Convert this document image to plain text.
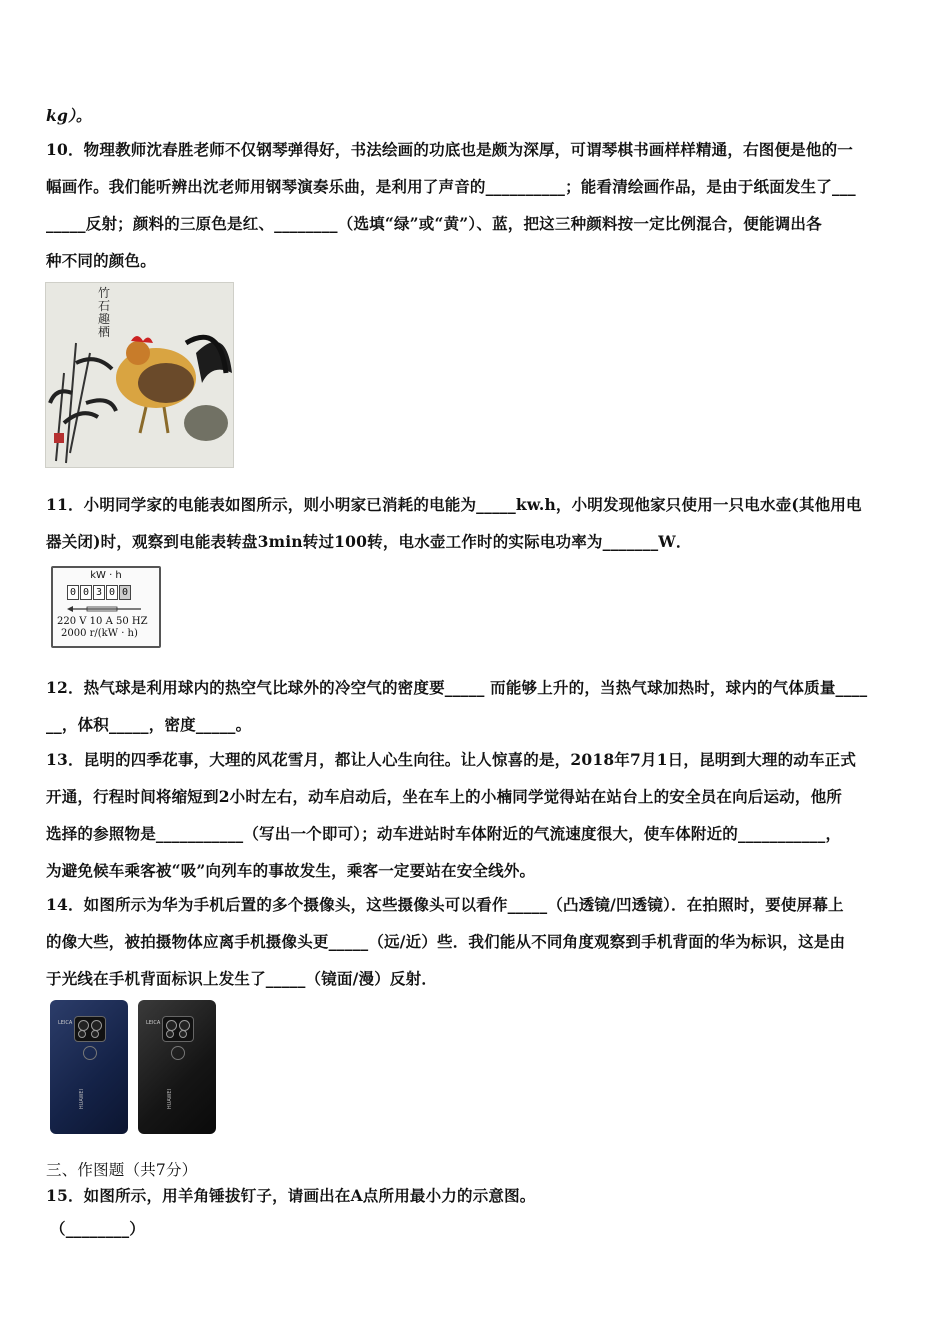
kg）。
10．物理教师沈春胜老师不仅钢琴弹得好，书法绘画的功底也是颇为深厚，可谓琴棋书画样样精通，右图便是他的一
幅画作。我们能听辨出沈老师用钢琴演奏乐曲，是利用了声音的__________；能看清绘画作品，是由于纸面发生了___
_____反射；颜料的三原色是红、________（选填“绿”或“黄”）、蓝，把这三种颜料按一定比例混合，便能调出各
种不同的颜色。
竹石趣栖
11．小明同学家的电能表如图所示，则小明家已消耗的电能为_____kw.h，小明发现他家只使用一只电水壶(其他用电
器关闭)时，观察到电能表转盘3min转过100转，电水壶工作时的实际电功率为_______W．
kW · h
0 0 3 0 0
220 V 10 A 50 HZ
2000 r/(kW · h)
12．热气球是利用球内的热空气比球外的冷空气的密度要_____ 而能够上升的，当热气球加热时，球内的气体质量____
__，体积_____，密度_____。
13．昆明的四季花事，大理的风花雪月，都让人心生向往。让人惊喜的是，2018年7月1日，昆明到大理的动车正式
开通，行程时间将缩短到2小时左右，动车启动后，坐在车上的小楠同学觉得站在站台上的安全员在向后运动，他所
选择的参照物是___________（写出一个即可）；动车进站时车体附近的气流速度很大，使车体附近的___________，
为避免候车乘客被“吸”向列车的事故发生，乘客一定要站在安全线外。
14．如图所示为华为手机后置的多个摄像头，这些摄像头可以看作_____（凸透镜/凹透镜）．在拍照时，要使屏幕上
的像大些，被拍摄物体应离手机摄像头更_____（远/近）些．我们能从不同角度观察到手机背面的华为标识，这是由
于光线在手机背面标识上发生了_____（镜面/漫）反射．
LEICA
HUAWEI
LEICA
HUAWEI
三、作图题（共7分）
15．如图所示，用羊角锤拔钉子，请画出在A点所用最小力的示意图。
（________）
